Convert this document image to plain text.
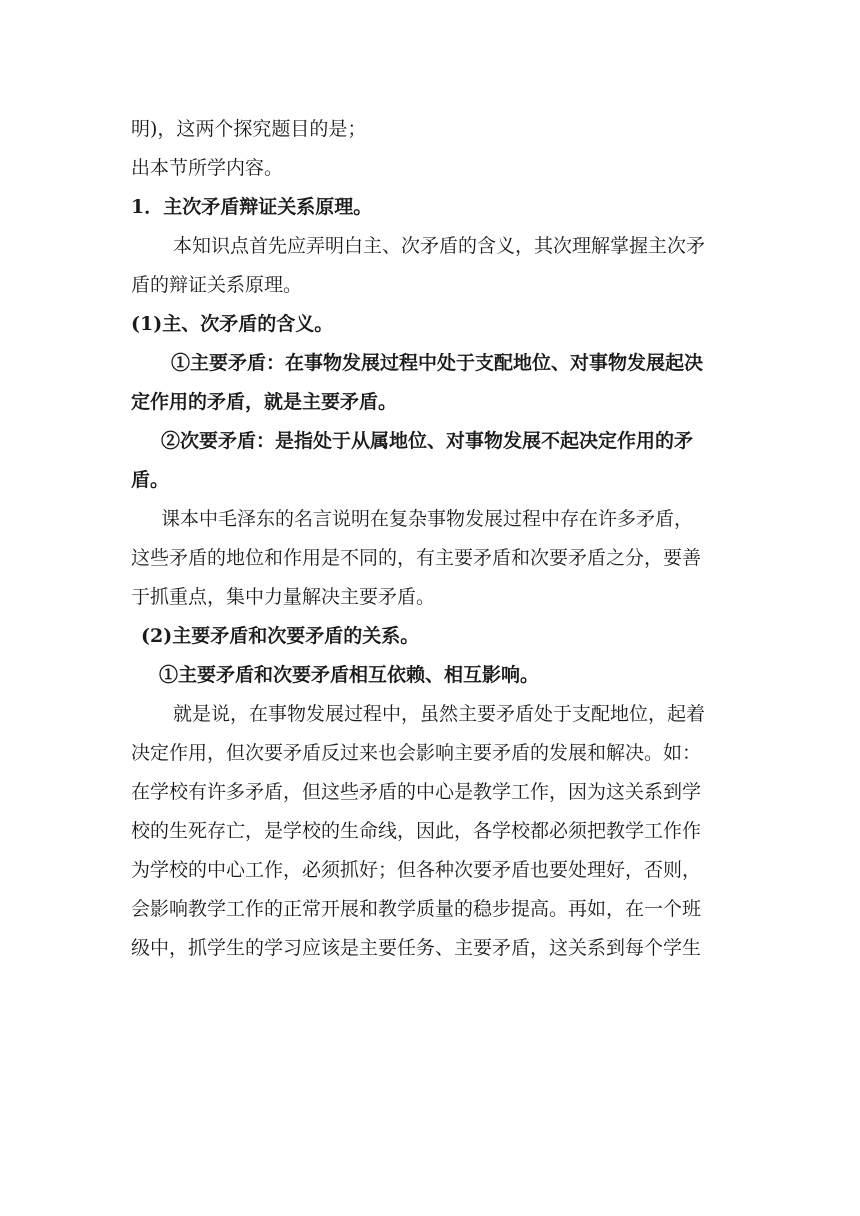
明)，这两个探究题目的是；
出本节所学内容。
1．主次矛盾辩证关系原理。
本知识点首先应弄明白主、次矛盾的含义，其次理解掌握主次矛
盾的辩证关系原理。
(1)主、次矛盾的含义。
①主要矛盾：在事物发展过程中处于支配地位、对事物发展起决
定作用的矛盾，就是主要矛盾。
②次要矛盾：是指处于从属地位、对事物发展不起决定作用的矛
盾。
课本中毛泽东的名言说明在复杂事物发展过程中存在许多矛盾，
这些矛盾的地位和作用是不同的，有主要矛盾和次要矛盾之分，要善
于抓重点，集中力量解决主要矛盾。
(2)主要矛盾和次要矛盾的关系。
①主要矛盾和次要矛盾相互依赖、相互影响。
就是说，在事物发展过程中，虽然主要矛盾处于支配地位，起着
决定作用，但次要矛盾反过来也会影响主要矛盾的发展和解决。如：
在学校有许多矛盾，但这些矛盾的中心是教学工作，因为这关系到学
校的生死存亡，是学校的生命线，因此，各学校都必须把教学工作作
为学校的中心工作，必须抓好；但各种次要矛盾也要处理好，否则，
会影响教学工作的正常开展和教学质量的稳步提高。再如，在一个班
级中，抓学生的学习应该是主要任务、主要矛盾，这关系到每个学生
